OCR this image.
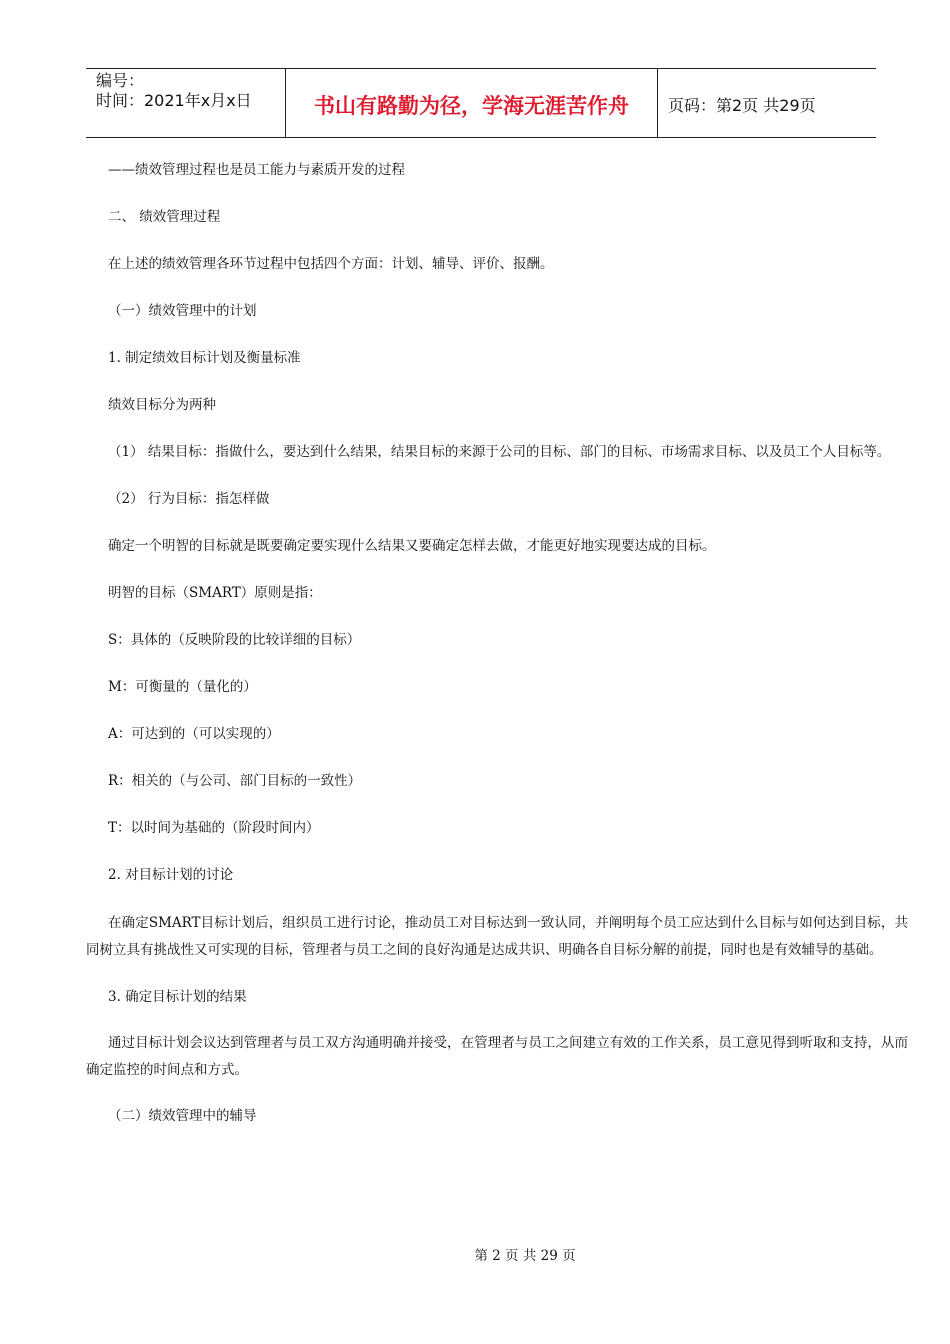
编号：
时间：2021年x月x日	书山有路勤为径，学海无涯苦作舟	页码：第2页 共29页

——绩效管理过程也是员工能力与素质开发的过程

二、 绩效管理过程

在上述的绩效管理各环节过程中包括四个方面：计划、辅导、评价、报酬。

（一）绩效管理中的计划

1. 制定绩效目标计划及衡量标准

绩效目标分为两种

（1） 结果目标：指做什么，要达到什么结果，结果目标的来源于公司的目标、部门的目标、市场需求目标、以及员工个人目标等。

（2） 行为目标：指怎样做

确定一个明智的目标就是既要确定要实现什么结果又要确定怎样去做，才能更好地实现要达成的目标。

明智的目标（SMART）原则是指：

S：具体的（反映阶段的比较详细的目标）

M：可衡量的（量化的）

A：可达到的（可以实现的）

R：相关的（与公司、部门目标的一致性）

T：以时间为基础的（阶段时间内）

2. 对目标计划的讨论

在确定SMART目标计划后，组织员工进行讨论，推动员工对目标达到一致认同，并阐明每个员工应达到什么目标与如何达到目标，共同树立具有挑战性又可实现的目标，管理者与员工之间的良好沟通是达成共识、明确各自目标分解的前提，同时也是有效辅导的基础。

3. 确定目标计划的结果

通过目标计划会议达到管理者与员工双方沟通明确并接受，在管理者与员工之间建立有效的工作关系，员工意见得到听取和支持，从而确定监控的时间点和方式。

（二）绩效管理中的辅导

第 2 页 共 29 页
